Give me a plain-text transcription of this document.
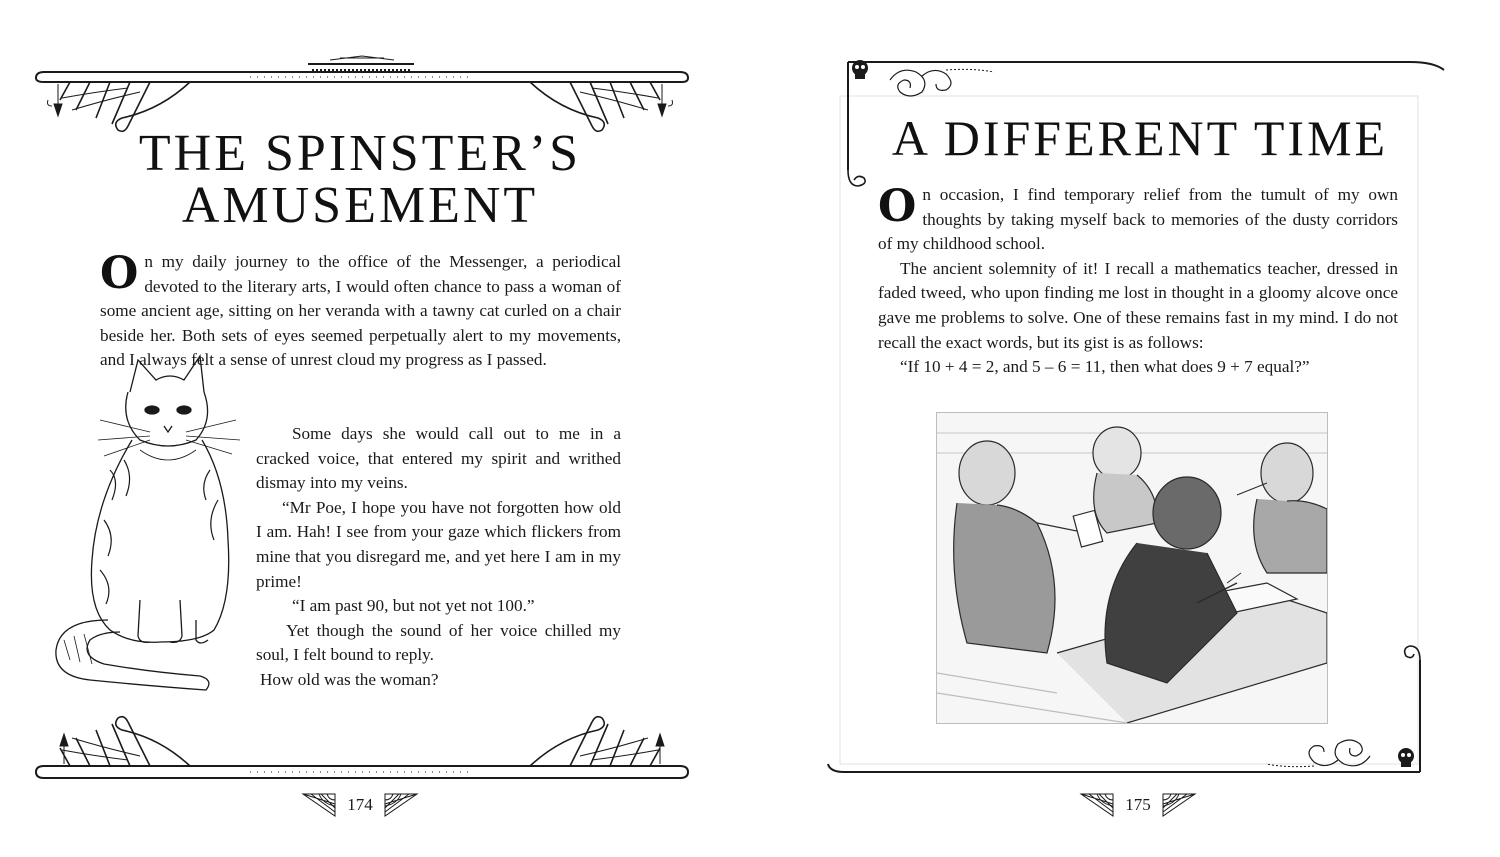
THE SPINSTER’S
AMUSEMENT

On my daily journey to the office of the Messenger, a periodical devoted to the literary arts, I would often chance to pass a woman of some ancient age, sitting on her veranda with a tawny cat curled on a chair beside her. Both sets of eyes seemed perpetually alert to my movements, and I always felt a sense of unrest cloud my progress as I passed.

Some days she would call out to me in a cracked voice, that entered my spirit and writhed dismay into my veins.

“Mr Poe, I hope you have not forgotten how old I am. Hah! I see from your gaze which flickers from mine that you disregard me, and yet here I am in my prime!

“I am past 90, but not yet not 100.”

Yet though the sound of her voice chilled my soul, I felt bound to reply.

How old was the woman?

174
A DIFFERENT TIME

On occasion, I find temporary relief from the tumult of my own thoughts by taking myself back to memories of the dusty corridors of my childhood school.

The ancient solemnity of it! I recall a mathematics teacher, dressed in faded tweed, who upon finding me lost in thought in a gloomy alcove once gave me problems to solve. One of these remains fast in my mind. I do not recall the exact words, but its gist is as follows:

“If 10 + 4 = 2, and 5 – 6 = 11, then what does 9 + 7 equal?”

175
